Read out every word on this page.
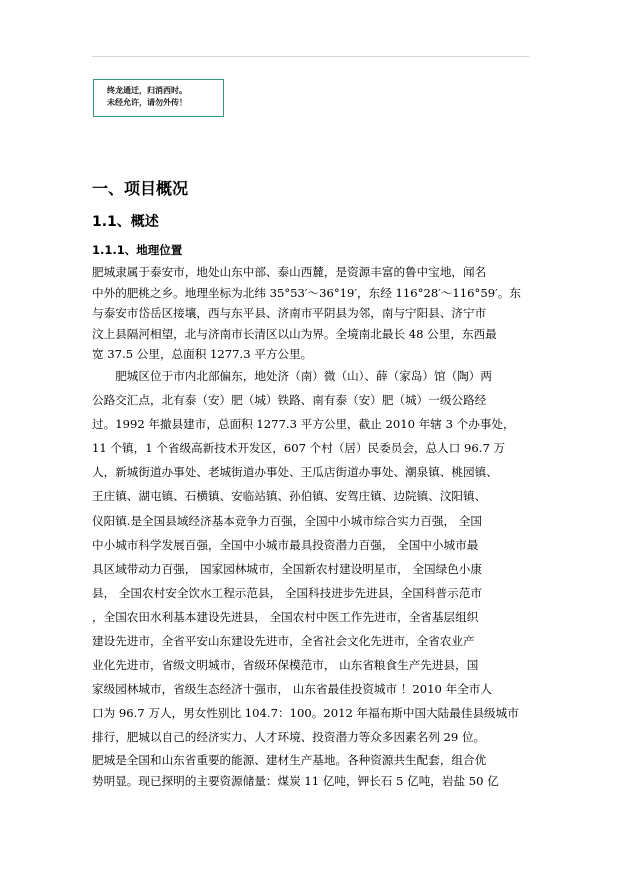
终龙通迁，归消西时。
未经允许，请勿外传！
一、项目概况
1.1、概述
1.1.1、地理位置
肥城隶属于泰安市，地处山东中部、泰山西麓，是资源丰富的鲁中宝地，闻名
中外的肥桃之乡。地理坐标为北纬 35°53′～36°19′，东经 116°28′～116°59′。东
与泰安市岱岳区接壤，西与东平县、济南市平阴县为邻，南与宁阳县、济宁市
汶上县隔河相望，北与济南市长清区以山为界。全境南北最长 48 公里，东西最
宽 37.5 公里，总面积 1277.3 平方公里。
　　肥城区位于市内北部偏东，地处济（南）微（山）、薛（家岛）馆（陶）两
公路交汇点，北有泰（安）肥（城）铁路、南有泰（安）肥（城）一级公路经
过。1992 年撤县建市，总面积 1277.3 平方公里，截止 2010 年辖 3 个办事处，
11 个镇，1 个省级高新技术开发区，607 个村（居）民委员会，总人口 96.7 万
人，新城街道办事处、老城街道办事处、王瓜店街道办事处、潮泉镇、桃园镇、
王庄镇、湖屯镇、石横镇、安临站镇、孙伯镇、安驾庄镇、边院镇、汶阳镇、
仪阳镇.是全国县域经济基本竞争力百强，全国中小城市综合实力百强， 全国
中小城市科学发展百强，全国中小城市最具投资潜力百强， 全国中小城市最
具区域带动力百强， 国家园林城市，全国新农村建设明星市， 全国绿色小康
县， 全国农村安全饮水工程示范县， 全国科技进步先进县，全国科普示范市
，全国农田水利基本建设先进县， 全国农村中医工作先进市，全省基层组织
建设先进市，全省平安山东建设先进市，全省社会文化先进市，全省农业产
业化先进市，省级文明城市，省级环保模范市， 山东省粮食生产先进县，国
家级园林城市，省级生态经济十强市， 山东省最佳投资城市 ！2010 年全市人
口为 96.7 万人，男女性别比 104.7：100。2012 年福布斯中国大陆最佳县级城市
排行，肥城以自己的经济实力、人才环境、投资潜力等众多因素名列 29 位。
肥城是全国和山东省重要的能源、建材生产基地。各种资源共生配套，组合优
势明显。现已探明的主要资源储量：煤炭 11 亿吨，钾长石 5 亿吨，岩盐 50 亿
